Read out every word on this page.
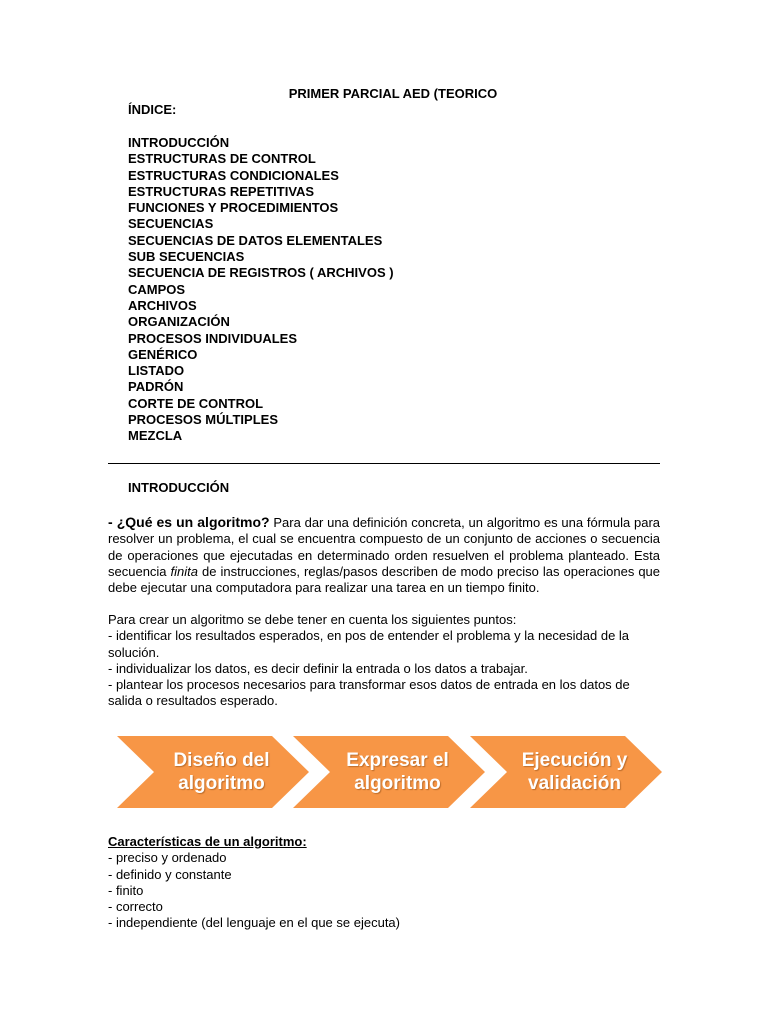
PRIMER PARCIAL AED (TEORICO
ÍNDICE:
INTRODUCCIÓN
ESTRUCTURAS DE CONTROL
ESTRUCTURAS CONDICIONALES
ESTRUCTURAS REPETITIVAS
FUNCIONES Y PROCEDIMIENTOS
SECUENCIAS
SECUENCIAS DE DATOS ELEMENTALES
SUB SECUENCIAS
SECUENCIA DE REGISTROS ( ARCHIVOS )
CAMPOS
ARCHIVOS
ORGANIZACIÓN
PROCESOS INDIVIDUALES
GENÉRICO
LISTADO
PADRÓN
CORTE DE CONTROL
PROCESOS MÚLTIPLES
MEZCLA
INTRODUCCIÓN
- ¿Qué es un algoritmo? Para dar una definición concreta, un algoritmo es una fórmula para resolver un problema, el cual se encuentra compuesto de un conjunto de acciones o secuencia de operaciones que ejecutadas en determinado orden resuelven el problema planteado. Esta secuencia finita de instrucciones, reglas/pasos describen de modo preciso las operaciones que debe ejecutar una computadora para realizar una tarea en un tiempo finito.
Para crear un algoritmo se debe tener en cuenta los siguientes puntos:
- identificar los resultados esperados, en pos de entender el problema y la necesidad de la solución.
- individualizar los datos, es decir definir la entrada o los datos a trabajar.
- plantear los procesos necesarios para transformar esos datos de entrada en los datos de salida o resultados esperado.
Diseño del
algoritmo
Expresar el
algoritmo
Ejecución y
validación
Características de un algoritmo:
- preciso y ordenado
- definido y constante
- finito
- correcto
- independiente (del lenguaje en el que se ejecuta)
